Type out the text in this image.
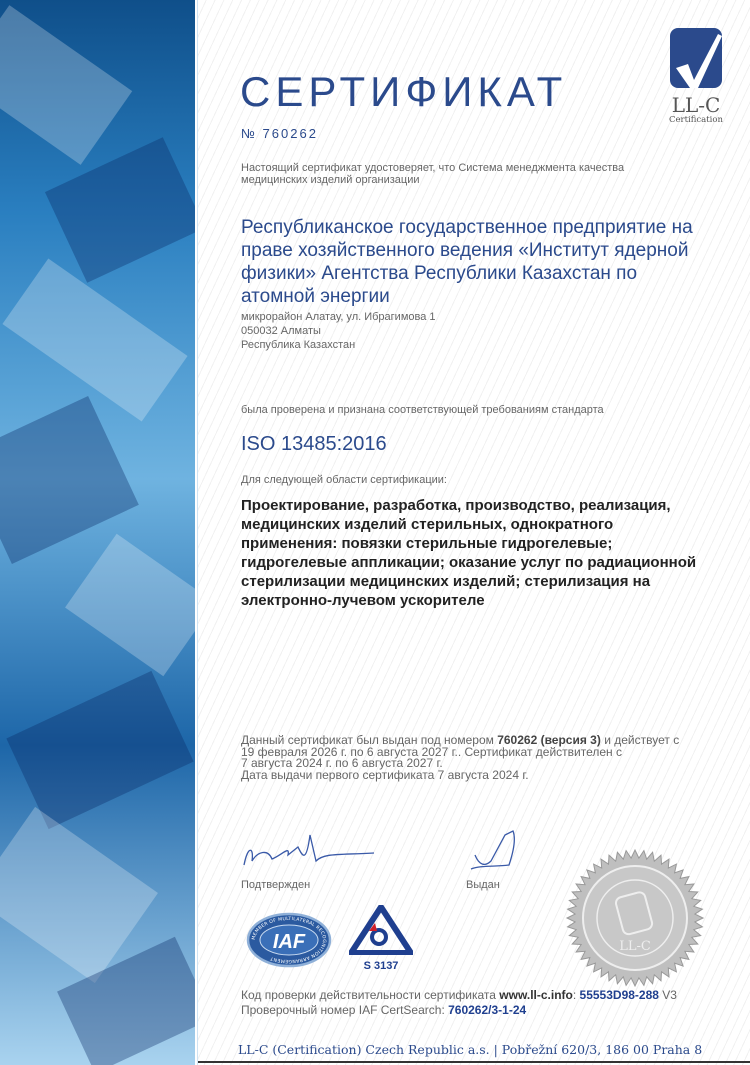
СЕРТИФИКАТ
№ 760262
LL-C
Certification
Настоящий сертификат удостоверяет, что Система менеджмента качества медицинских изделий организации
Республиканское государственное предприятие на праве хозяйственного ведения «Институт ядерной физики» Агентства Республики Казахстан по атомной энергии
микрорайон Алатау, ул. Ибрагимова 1
050032 Алматы
Республика Казахстан
была проверена и признана соответствующей требованиям стандарта
ISO 13485:2016
Для следующей области сертификации:
Проектирование, разработка, производство, реализация, медицинских изделий стерильных, однократного применения: повязки стерильные гидрогелевые; гидрогелевые аппликации; оказание услуг по радиационной стерилизации медицинских изделий; стерилизация на электронно-лучевом ускорителе
Данный сертификат был выдан под номером 760262 (версия 3) и действует с
19 февраля 2026 г. по 6 августа 2027 г.. Сертификат действителен с
7 августа 2024 г. по 6 августа 2027 г.
Дата выдачи первого сертификата 7 августа 2024 г.
Подтвержден	Выдан
MEMBER OF MULTILATERAL RECOGNITION ARRANGEMENT
IAF
S 3137
LL-C
Код проверки действительности сертификата www.ll-c.info: 55553D98-288 V3
Проверочный номер IAF CertSearch: 760262/3-1-24
LL-C (Certification) Czech Republic a.s. | Pobřežní 620/3, 186 00 Praha 8
